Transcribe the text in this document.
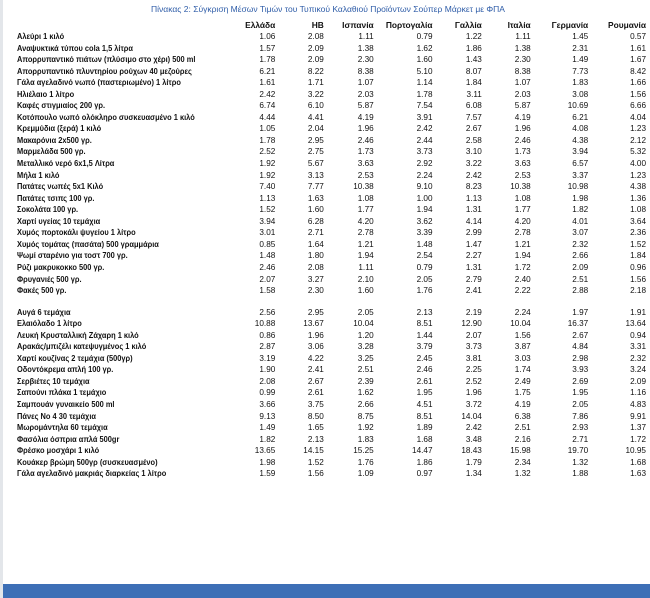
Πίνακας 2: Σύγκριση Μέσων Τιμών του Τυπικού Καλαθιού Προϊόντων Σούπερ Μάρκετ με ΦΠΑ
	Ελλάδα	ΗΒ	Ισπανία	Πορτογαλία	Γαλλία	Ιταλία	Γερμανία	Ρουμανία
Αλεύρι 1 κιλό	1.06	2.08	1.11	0.79	1.22	1.11	1.45	0.57
Αναψυκτικά τύπου cola 1,5 λίτρα	1.57	2.09	1.38	1.62	1.86	1.38	2.31	1.61
Απορρυπαντικό πιάτων (πλύσιμο στο χέρι) 500 ml	1.78	2.09	2.30	1.60	1.43	2.30	1.49	1.67
Απορρυπαντικό πλυντηρίου ρούχων 40 μεζούρες	6.21	8.22	8.38	5.10	8.07	8.38	7.73	8.42
Γάλα αγελαδινό νωπό (παστεριωμένο) 1 λίτρο	1.61	1.71	1.07	1.14	1.84	1.07	1.83	1.66
Ηλιέλαιο 1 λίτρο	2.42	3.22	2.03	1.78	3.11	2.03	3.08	1.56
Καφές στιγμιαίος 200 γρ.	6.74	6.10	5.87	7.54	6.08	5.87	10.69	6.66
Κοτόπουλο νωπό ολόκληρο συσκευασμένο 1 κιλό	4.44	4.41	4.19	3.91	7.57	4.19	6.21	4.04
Κρεμμύδια (ξερά) 1 κιλό	1.05	2.04	1.96	2.42	2.67	1.96	4.08	1.23
Μακαρόνια 2x500 γρ.	1.78	2.95	2.46	2.44	2.58	2.46	4.38	2.12
Μαρμελάδα 500 γρ.	2.52	2.75	1.73	3.73	3.10	1.73	3.94	5.32
Μεταλλικό νερό 6x1,5 Λίτρα	1.92	5.67	3.63	2.92	3.22	3.63	6.57	4.00
Μήλα 1 κιλό	1.92	3.13	2.53	2.24	2.42	2.53	3.37	1.23
Πατάτες νωπές 5x1 Κιλό	7.40	7.77	10.38	9.10	8.23	10.38	10.98	4.38
Πατάτες τσιπς 100 γρ.	1.13	1.63	1.08	1.00	1.13	1.08	1.98	1.36
Σοκολάτα 100 γρ.	1.52	1.60	1.77	1.94	1.31	1.77	1.82	1.08
Χαρτί υγείας 10 τεμάχια	3.94	6.28	4.20	3.62	4.14	4.20	4.01	3.64
Χυμός πορτοκάλι ψυγείου 1 λίτρο	3.01	2.71	2.78	3.39	2.99	2.78	3.07	2.36
Χυμός τομάτας (πασάτα) 500 γραμμάρια	0.85	1.64	1.21	1.48	1.47	1.21	2.32	1.52
Ψωμί σταρένιο για τοστ 700 γρ.	1.48	1.80	1.94	2.54	2.27	1.94	2.66	1.84
Ρύζι μακρυκοκκο 500 γρ.	2.46	2.08	1.11	0.79	1.31	1.72	2.09	0.96
Φρυγανιές 500 γρ.	2.07	3.27	2.10	2.05	2.79	2.40	2.51	1.56
Φακές 500 γρ.	1.58	2.30	1.60	1.76	2.41	2.22	2.88	2.18

Αυγά 6 τεμάχια	2.56	2.95	2.05	2.13	2.19	2.24	1.97	1.91
Ελαιόλαδο 1 λίτρο	10.88	13.67	10.04	8.51	12.90	10.04	16.37	13.64
Λευκή Κρυσταλλική Ζάχαρη 1 κιλό	0.86	1.96	1.20	1.44	2.07	1.56	2.67	0.94
Αρακάς/μπιζέλι κατεψυγμένος 1 κιλό	2.87	3.06	3.28	3.79	3.73	3.87	4.84	3.31
Χαρτί κουζίνας 2 τεμάχια (500γρ)	3.19	4.22	3.25	2.45	3.81	3.03	2.98	2.32
Οδοντόκρεμα απλή 100 γρ.	1.90	2.41	2.51	2.46	2.25	1.74	3.93	3.24
Σερβιέτες 10 τεμάχια	2.08	2.67	2.39	2.61	2.52	2.49	2.69	2.09
Σαπούνι πλάκα 1 τεμάχιο	0.99	2.61	1.62	1.95	1.96	1.75	1.95	1.16
Σαμπουάν γυναικείο 500 ml	3.66	3.75	2.66	4.51	3.72	4.19	2.05	4.83
Πάνες Νο 4 30 τεμάχια	9.13	8.50	8.75	8.51	14.04	6.38	7.86	9.91
Μωρομάντηλα 60 τεμάχια	1.49	1.65	1.92	1.89	2.42	2.51	2.93	1.37
Φασόλια όσπρια απλά 500gr	1.82	2.13	1.83	1.68	3.48	2.16	2.71	1.72
Φρέσκο μοσχάρι 1 κιλό	13.65	14.15	15.25	14.47	18.43	15.98	19.70	10.95
Κουάκερ βρώμη 500γρ (συσκευασμένο)	1.98	1.52	1.76	1.86	1.79	2.34	1.32	1.68
Γάλα αγελαδινό μακριάς διαρκείας 1 λίτρο	1.59	1.56	1.09	0.97	1.34	1.32	1.88	1.63
